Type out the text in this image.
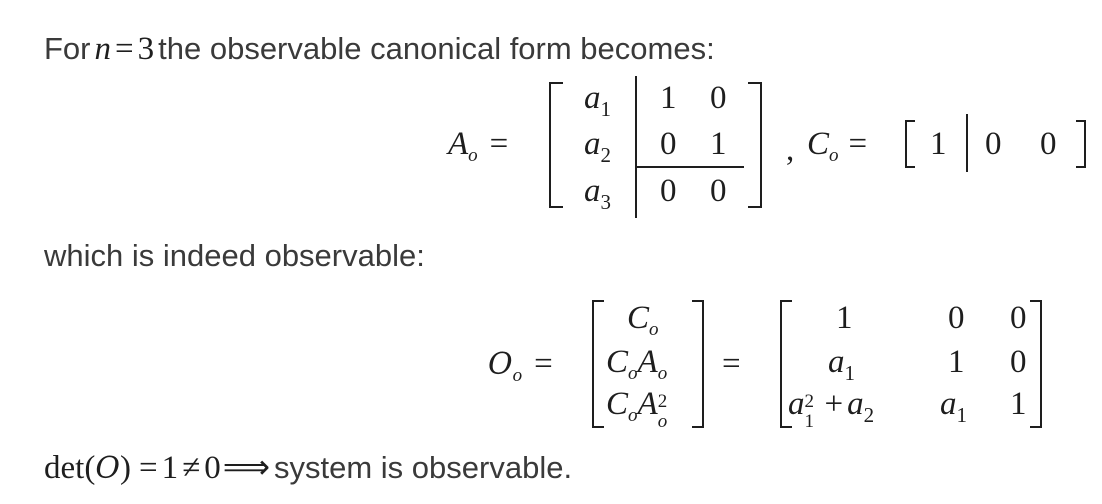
For n = 3 the observable canonical form becomes:
Ao =
a1
a2
a3
1 0
0 1
0 0
, Co = 1 0 0
which is indeed observable:
Oo =
Co
CoAo
CoA 2
o
=
1	0 0
a1	1 0
a 2
1 + a2 a1 1
det(O) = 1 ≠ 0⟹ system is observable.
